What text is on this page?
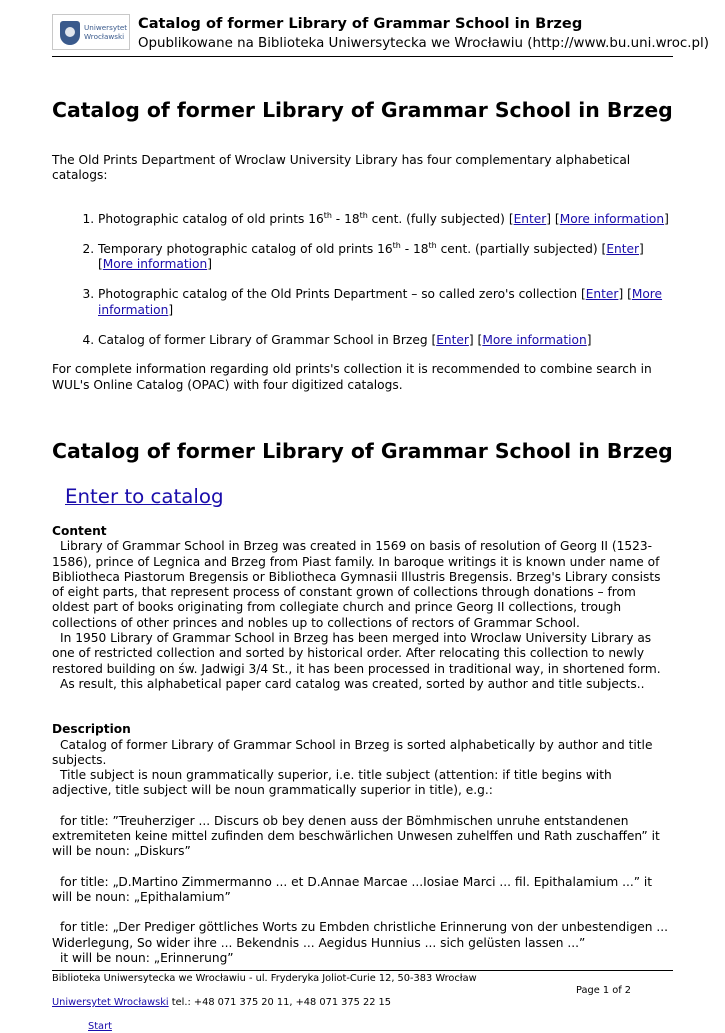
Uniwersytet
Wrocławski
Catalog of former Library of Grammar School in Brzeg
Opublikowane na Biblioteka Uniwersytecka we Wrocławiu (http://www.bu.uni.wroc.pl)
Catalog of former Library of Grammar School in Brzeg

The Old Prints Department of Wroclaw University Library has four complementary alphabetical catalogs:

1. Photographic catalog of old prints 16th - 18th cent. (fully subjected) [Enter] [More information]
2. Temporary photographic catalog of old prints 16th - 18th cent. (partially subjected) [Enter]
[More information]
3. Photographic catalog of the Old Prints Department – so called zero's collection [Enter] [More information]
4. Catalog of former Library of Grammar School in Brzeg [Enter] [More information]

For complete information regarding old prints's collection it is recommended to combine search in WUL's Online Catalog (OPAC) with four digitized catalogs.

Catalog of former Library of Grammar School in Brzeg
Enter to catalog
Content

Library of Grammar School in Brzeg was created in 1569 on basis of resolution of Georg II (1523-1586), prince of Legnica and Brzeg from Piast family. In baroque writings it is known under name of Bibliotheca Piastorum Bregensis or Bibliotheca Gymnasii Illustris Bregensis. Brzeg's Library consists of eight parts, that represent process of constant grown of collections through donations – from oldest part of books originating from collegiate church and prince Georg II collections, trough collections of other princes and nobles up to collections of rectors of Grammar School.

In 1950 Library of Grammar School in Brzeg has been merged into Wroclaw University Library as one of restricted collection and sorted by historical order. After relocating this collection to newly restored building on św. Jadwigi 3/4 St., it has been processed in traditional way, in shortened form.

As result, this alphabetical paper card catalog was created, sorted by author and title subjects..

Description

Catalog of former Library of Grammar School in Brzeg is sorted alphabetically by author and title subjects.

Title subject is noun grammatically superior, i.e. title subject (attention: if title begins with adjective, title subject will be noun grammatically superior in title), e.g.:

for title: ”Treuherziger ... Discurs ob bey denen auss der Bömhmischen unruhe entstandenen extremiteten keine mittel zufinden dem beschwärlichen Unwesen zuhelffen und Rath zuschaffen” it will be noun: „Diskurs”

for title: „D.Martino Zimmermanno ... et D.Annae Marcae ...Iosiae Marci ... fil. Epithalamium ...” it will be noun: „Epithalamium”

for title: „Der Prediger göttliches Worts zu Embden christliche Erinnerung von der unbestendigen ... Widerlegung, So wider ihre ... Bekendnis ... Aegidus Hunnius ... sich gelüsten lassen ...”

it will be noun: „Erinnerung”

Biblioteka Uniwersytecka we Wrocławiu - ul. Fryderyka Joliot-Curie 12, 50-383 Wrocław
Page 1 of 2
Uniwersytet Wrocławski tel.: +48 071 375 20 11, +48 071 375 22 15
Start
